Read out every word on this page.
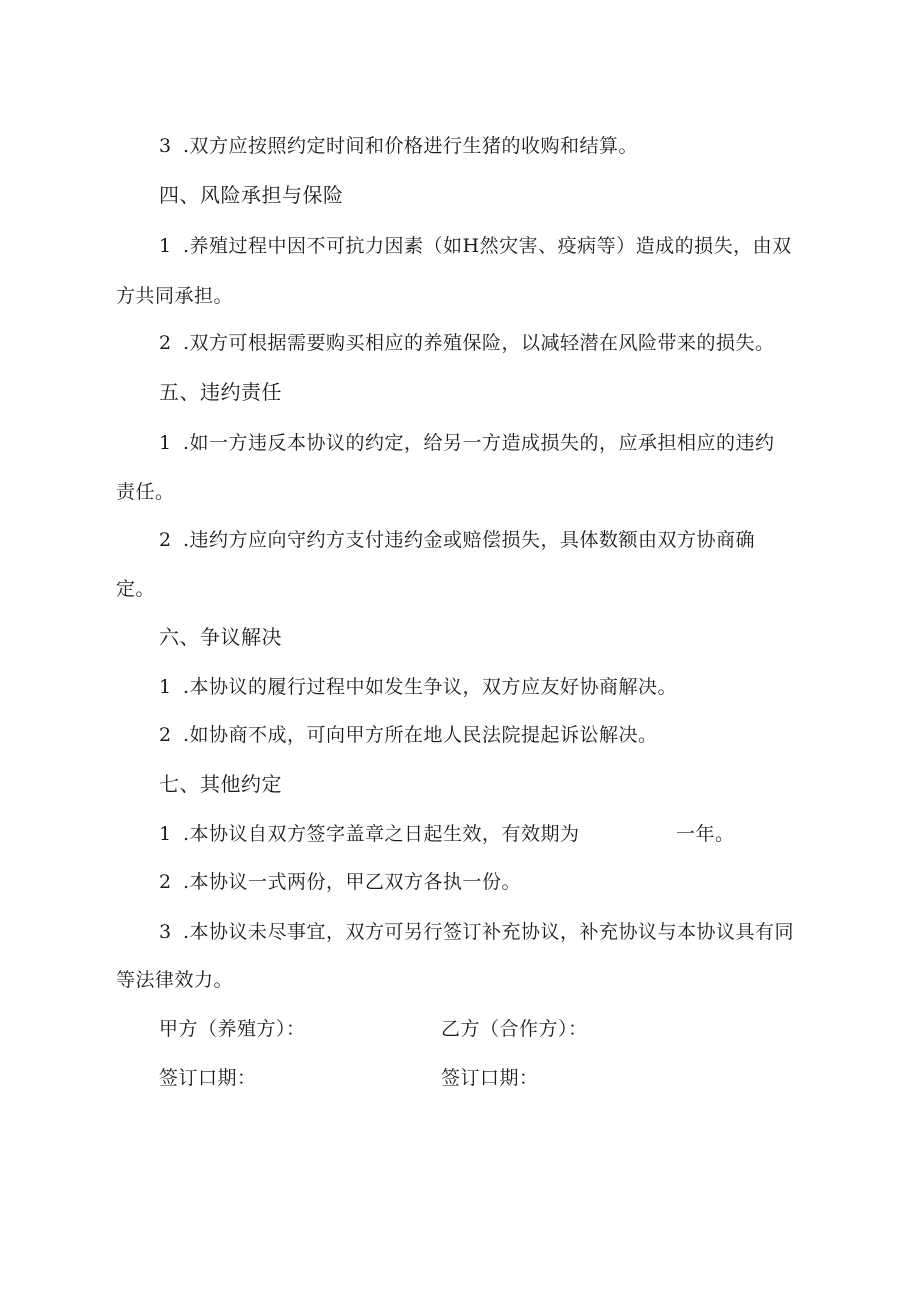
3 .双方应按照约定时间和价格进行生猪的收购和结算。
四、风险承担与保险
1 .养殖过程中因不可抗力因素（如H然灾害、疫病等）造成的损失，由双
方共同承担。
2 .双方可根据需要购买相应的养殖保险，以减轻潜在风险带来的损失。
五、违约责任
1 .如一方违反本协议的约定，给另一方造成损失的，应承担相应的违约
责任。
2 .违约方应向守约方支付违约金或赔偿损失，具体数额由双方协商确
定。
六、争议解决
1 .本协议的履行过程中如发生争议，双方应友好协商解决。
2 .如协商不成，可向甲方所在地人民法院提起诉讼解决。
七、其他约定
1 .本协议自双方签字盖章之日起生效，有效期为	一年。
2 .本协议一式两份，甲乙双方各执一份。
3 .本协议未尽事宜，双方可另行签订补充协议，补充协议与本协议具有同
等法律效力。
甲方（养殖方）：	乙方（合作方）：
签订口期：	签订口期：
